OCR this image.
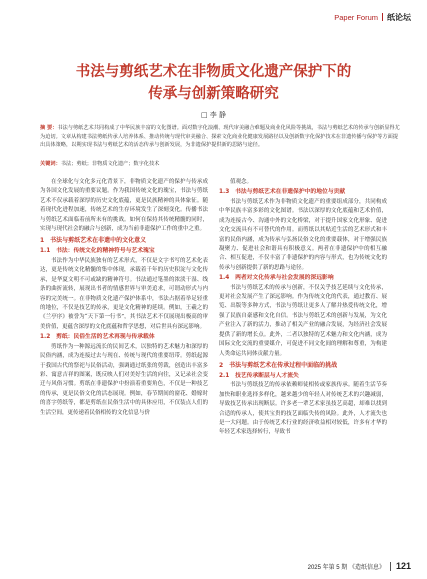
Paper Forum 纸论坛
书法与剪纸艺术在非物质文化遗产保护下的
传承与创新策略研究
□ 李 静
摘 要：书法与剪纸艺术共同构成了中华民族丰富的文化图谱。面对数字化浪潮、现代审美融合难题及商业化风险等挑战，书法与剪纸艺术的传承与创新显得尤为迫切。文章从构建书法剪纸传承人培养体系、推动传统与现代审美融合、探索文化商业化健康发展路径以及创新数字化保护技术在非遗传播与保护等方面提出具体策略，以期实现书法与剪纸艺术的活态传承与创新发展，为非遗保护提供新的思路与途径。
关键词：书法；剪纸；非物质文化遗产；数字化技术

在全球化与文化多元化背景下，非物质文化遗产的保护与传承成为各国文化发展的重要议题。作为我国传统文化的瑰宝，书法与剪纸艺术不仅承载着深厚的历史文化底蕴，更是民族精神的具体象征。随着现代化进程加速，传统艺术的生存环境发生了深刻变化。传播书法与剪纸艺术面临着前所未有的挑战。如何在保持其传统精髓的同时，实现与现代社会的融合与创新，成为当前非遗保护工作的重中之重。

1　书法与剪纸艺术在非遗中的文化意义
1.1　书法：传统文化的精神符号与艺术瑰宝

书法作为中华民族独有的艺术形式，不仅是文字书写的艺术化表达，更是传统文化精髓的集中体现，承载着千年的历史积淀与文化传承，是华夏文明不可或缺的精神符号。书法通过笔墨的浓淡干湿、线条的曲折流转，展现出书者的情感世界与审美追求，可谓动形式与内容的完美统一。在非物质文化遗产保护体系中，书法占据着举足轻重的地位，不仅是技艺的传承，更是文化精神的延续。例如，王羲之的《兰亭序》被誉为“天下第一行书”，其书法艺术不仅展现出极高的审美价值，更蕴含深厚的文化底蕴和哲学思想，对后世具有深远影响。

1.2　剪纸：民俗生活的艺术再现与传承载体

剪纸作为一种源远流长的民间艺术，以独特的艺术魅力和深厚的民俗内涵，成为连接过去与现在、传统与现代的重要纽带。剪纸起源于我国古代的祭祀与民俗活动，强调通过纸张的剪裁，创造出丰富多彩、寓意吉祥的图案，既反映人们对美好生活的向往，又记录社会变迁与风俗习惯。剪纸在非遗保护中扮演着重要角色，不仅是一种技艺的传承，更是民俗文化的活态展现。例如，春节期间的窗花、婚嫁时的喜字剪纸等，都是剪纸在民俗生活中的具体应用，不仅装点人们的生活空间，更传递着民俗相传的文化信息与价

值观念。

1.3　书法与剪纸艺术在非遗保护中的地位与贡献

书法与剪纸艺术作为非物质文化遗产的重要组成部分，共同构成中华民族丰富多彩的文化图谱。书法以深厚的文化底蕴和艺术价值，成为连接古今、沟通中外的文化桥梁，对于提升国家文化形象、促进文化交流具有不可替代的作用。而剪纸以其贴近生活的艺术形式和丰富的民俗内涵，成为传承与弘扬民俗文化的重要载体，对于增强民族凝聚力、促进社会和谐具有积极意义。两者在非遗保护中的相互融合、相互促进，不仅丰富了非遗保护的内容与形式，也为传统文化的传承与创新提供了新的思路与途径。

1.4　两者对文化传承与社会发展的深远影响

书法与剪纸艺术的传承与创新，不仅关乎技艺延续与文化传承，更对社会发展产生了深远影响。作为传统文化的代表，通过教育、展览、出版等多种方式，书法与剪纸让更多人了解并热爱传统文化，增强了民族自豪感和文化自信。书法与剪纸艺术的创新与发展，为文化产业注入了新的活力，推动了相关产业的融合发展，为经济社会发展提供了新的增长点。此外，二者以独特的艺术魅力和文化内涵，成为国际文化交流的重要媒介，可促进不同文化间的理解和尊重，为构建人类命运共同体贡献力量。

2　书法与剪纸艺术在传承过程中面临的挑战
2.1　技艺传承断层与人才流失

书法与剪纸技艺的传承依赖师徒相传或家族传承。随着生活节奏加快和职业选择多样化，越来越少的年轻人对传统艺术的兴趣减弱，导致技艺传承出现断层。许多老一辈艺术家虽技艺高超，却难以找到合适的传承人，使其宝贵的技艺面临失传的风险。此外，人才流失也是一大问题。由于传统艺术行业的经济收益相对较低，许多有才华的年轻艺术家选择转行，导致书

2025 年第 5 期 《造纸信息》 121
